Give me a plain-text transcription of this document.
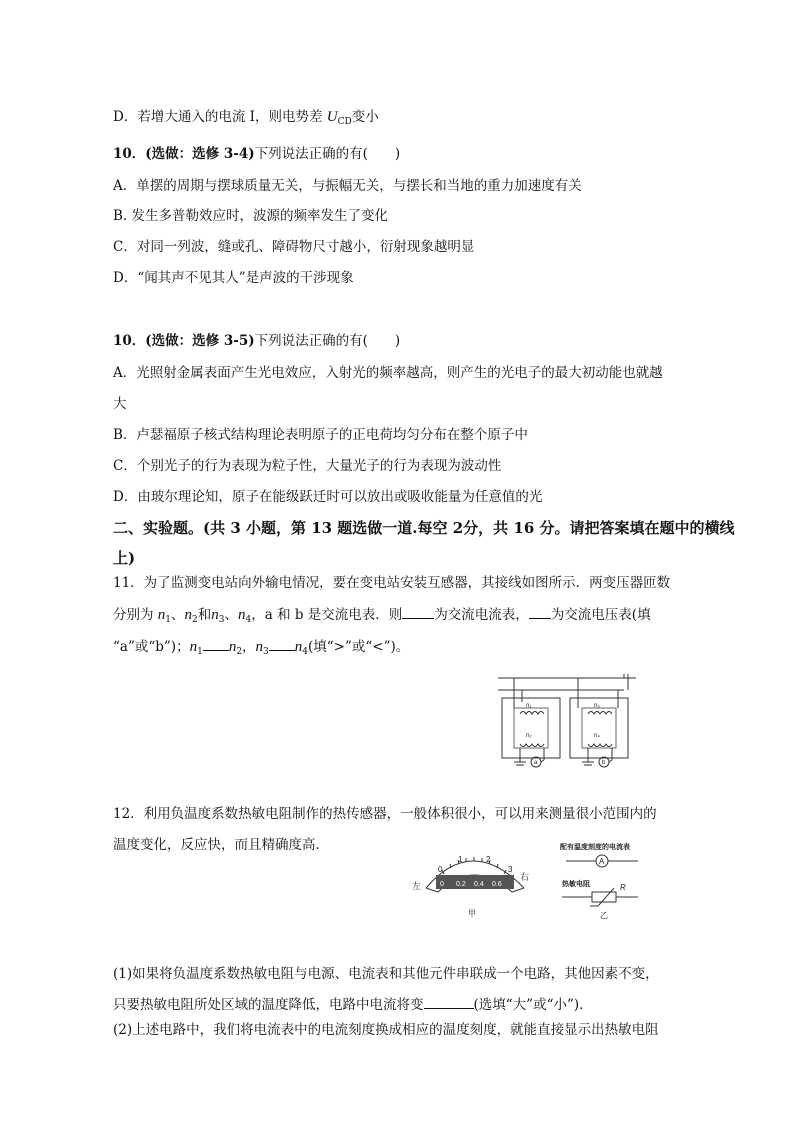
D．若增大通入的电流 I，则电势差 $U_{CD}$变小
10．(选做：选修 3-4)下列说法正确的有(　　)
A．单摆的周期与摆球质量无关，与振幅无关，与摆长和当地的重力加速度有关
B. 发生多普勒效应时，波源的频率发生了变化
C．对同一列波，缝或孔、障碍物尺寸越小，衍射现象越明显
D．“闻其声不见其人”是声波的干涉现象
10．(选做：选修 3-5)下列说法正确的有(　　)
A．光照射金属表面产生光电效应，入射光的频率越高，则产生的光电子的最大初动能也就越
大
B．卢瑟福原子核式结构理论表明原子的正电荷均匀分布在整个原子中
C．个别光子的行为表现为粒子性，大量光子的行为表现为波动性
D．由玻尔理论知，原子在能级跃迁时可以放出或吸收能量为任意值的光
二、实验题。(共 3 小题，第 13 题选做一道.每空 2分，共 16 分。请把答案填在题中的横线
上)
11．为了监测变电站向外输电情况，要在变电站安装互感器，其接线如图所示．两变压器匝数
分别为 $n_1$、$n_2$和$n_3$、$n_4$，a 和 b 是交流电表．则 为交流电流表， 为交流电压表(填
“a”或“b”)；$n_1$ $n_2$，$n_3$ $n_4$(填“>”或“<”)。
n₁
n₂
n₃
n₄
a	b
12．利用负温度系数热敏电阻制作的热传感器，一般体积很小，可以用来测量很小范围内的
温度变化，反应快，而且精确度高.
0
1	2
3
0 0.2 0.4 0.6
左
右
甲
配有温度刻度的电流表
热敏电阻
A
R
乙
(1)如果将负温度系数热敏电阻与电源、电流表和其他元件串联成一个电路，其他因素不变，
只要热敏电阻所处区域的温度降低，电路中电流将变	(选填“大”或“小”)．
(2)上述电路中，我们将电流表中的电流刻度换成相应的温度刻度，就能直接显示出热敏电阻
